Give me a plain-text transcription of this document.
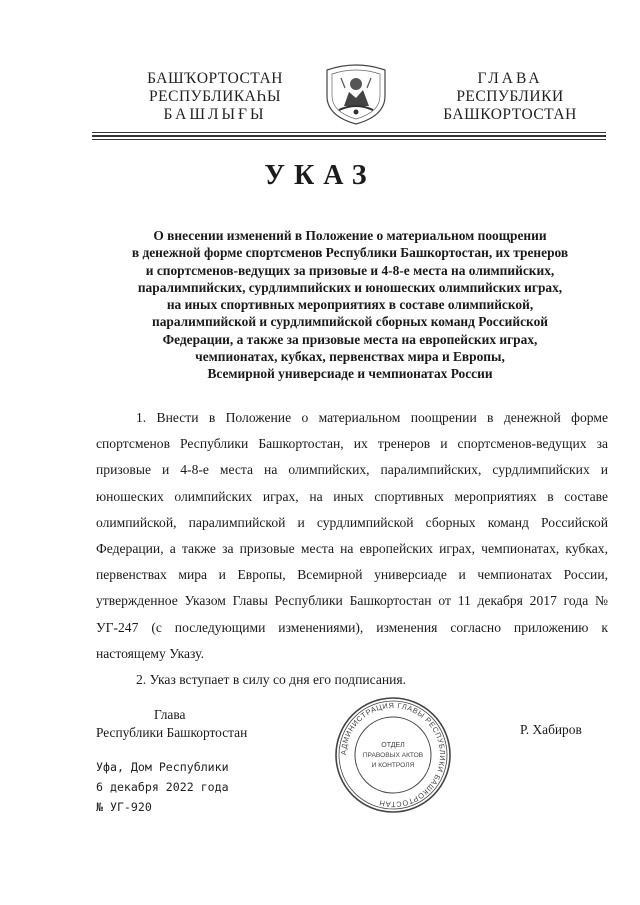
БАШҠОРТОСТАН
РЕСПУБЛИКАҺЫ
БАШЛЫҒЫ
ГЛАВА
РЕСПУБЛИКИ
БАШКОРТОСТАН
УКАЗ
О внесении изменений в Положение о материальном поощрении
в денежной форме спортсменов Республики Башкортостан, их тренеров
и спортсменов-ведущих за призовые и 4-8-е места на олимпийских,
паралимпийских, сурдлимпийских и юношеских олимпийских играх,
на иных спортивных мероприятиях в составе олимпийской,
паралимпийской и сурдлимпийской сборных команд Российской
Федерации, а также за призовые места на европейских играх,
чемпионатах, кубках, первенствах мира и Европы,
Всемирной универсиаде и чемпионатах России

1. Внести в Положение о материальном поощрении в денежной форме спортсменов Республики Башкортостан, их тренеров и спортсменов-ведущих за призовые и 4-8-е места на олимпийских, паралимпийских, сурдлимпийских и юношеских олимпийских играх, на иных спортивных мероприятиях в составе олимпийской, паралимпийской и сурдлимпийской сборных команд Российской Федерации, а также за призовые места на европейских играх, чемпионатах, кубках, первенствах мира и Европы, Всемирной универсиаде и чемпионатах России, утвержденное Указом Главы Республики Башкортостан от 11 декабря 2017 года № УГ-247 (с последующими изменениями), изменения согласно приложению к настоящему Указу.

2. Указ вступает в силу со дня его подписания.

Глава
Республики Башкортостан	Р. Хабиров
Уфа, Дом Республики
6 декабря 2022 года
№ УГ-920
АДМИНИСТРАЦИЯ ГЛАВЫ РЕСПУБЛИКИ БАШКОРТОСТАН
ОТДЕЛ
ПРАВОВЫХ АКТОВ
И КОНТРОЛЯ
